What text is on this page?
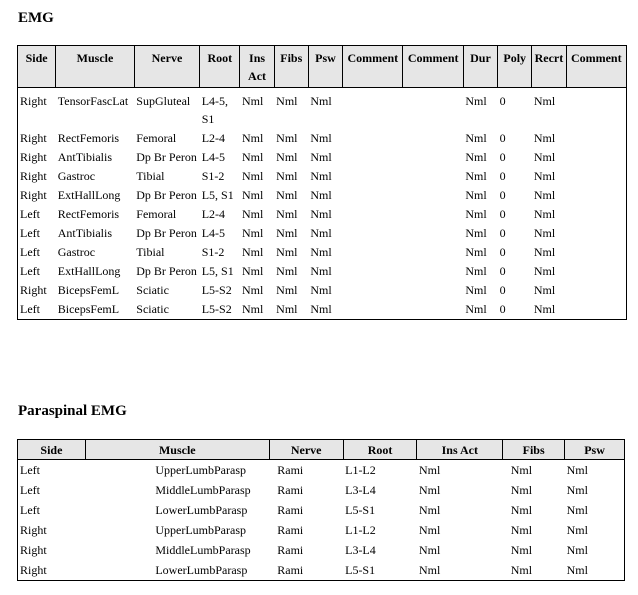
EMG
Side	Muscle	Nerve	Root	Ins Act	Fibs	Psw	Comment	Comment	Dur	Poly	Recrt	Comment
Right	TensorFascLat	SupGluteal	L4-5, S1	Nml	Nml	Nml			Nml	0	Nml	
Right	RectFemoris	Femoral	L2-4	Nml	Nml	Nml			Nml	0	Nml	
Right	AntTibialis	Dp Br Peron	L4-5	Nml	Nml	Nml			Nml	0	Nml	
Right	Gastroc	Tibial	S1-2	Nml	Nml	Nml			Nml	0	Nml	
Right	ExtHallLong	Dp Br Peron	L5, S1	Nml	Nml	Nml			Nml	0	Nml	
Left	RectFemoris	Femoral	L2-4	Nml	Nml	Nml			Nml	0	Nml	
Left	AntTibialis	Dp Br Peron	L4-5	Nml	Nml	Nml			Nml	0	Nml	
Left	Gastroc	Tibial	S1-2	Nml	Nml	Nml			Nml	0	Nml	
Left	ExtHallLong	Dp Br Peron	L5, S1	Nml	Nml	Nml			Nml	0	Nml	
Right	BicepsFemL	Sciatic	L5-S2	Nml	Nml	Nml			Nml	0	Nml	
Left	BicepsFemL	Sciatic	L5-S2	Nml	Nml	Nml			Nml	0	Nml	
Paraspinal EMG
Side	Muscle	Nerve	Root	Ins Act	Fibs	Psw
Left	UpperLumbParasp	Rami	L1-L2	Nml	Nml	Nml
Left	MiddleLumbParasp	Rami	L3-L4	Nml	Nml	Nml
Left	LowerLumbParasp	Rami	L5-S1	Nml	Nml	Nml
Right	UpperLumbParasp	Rami	L1-L2	Nml	Nml	Nml
Right	MiddleLumbParasp	Rami	L3-L4	Nml	Nml	Nml
Right	LowerLumbParasp	Rami	L5-S1	Nml	Nml	Nml
